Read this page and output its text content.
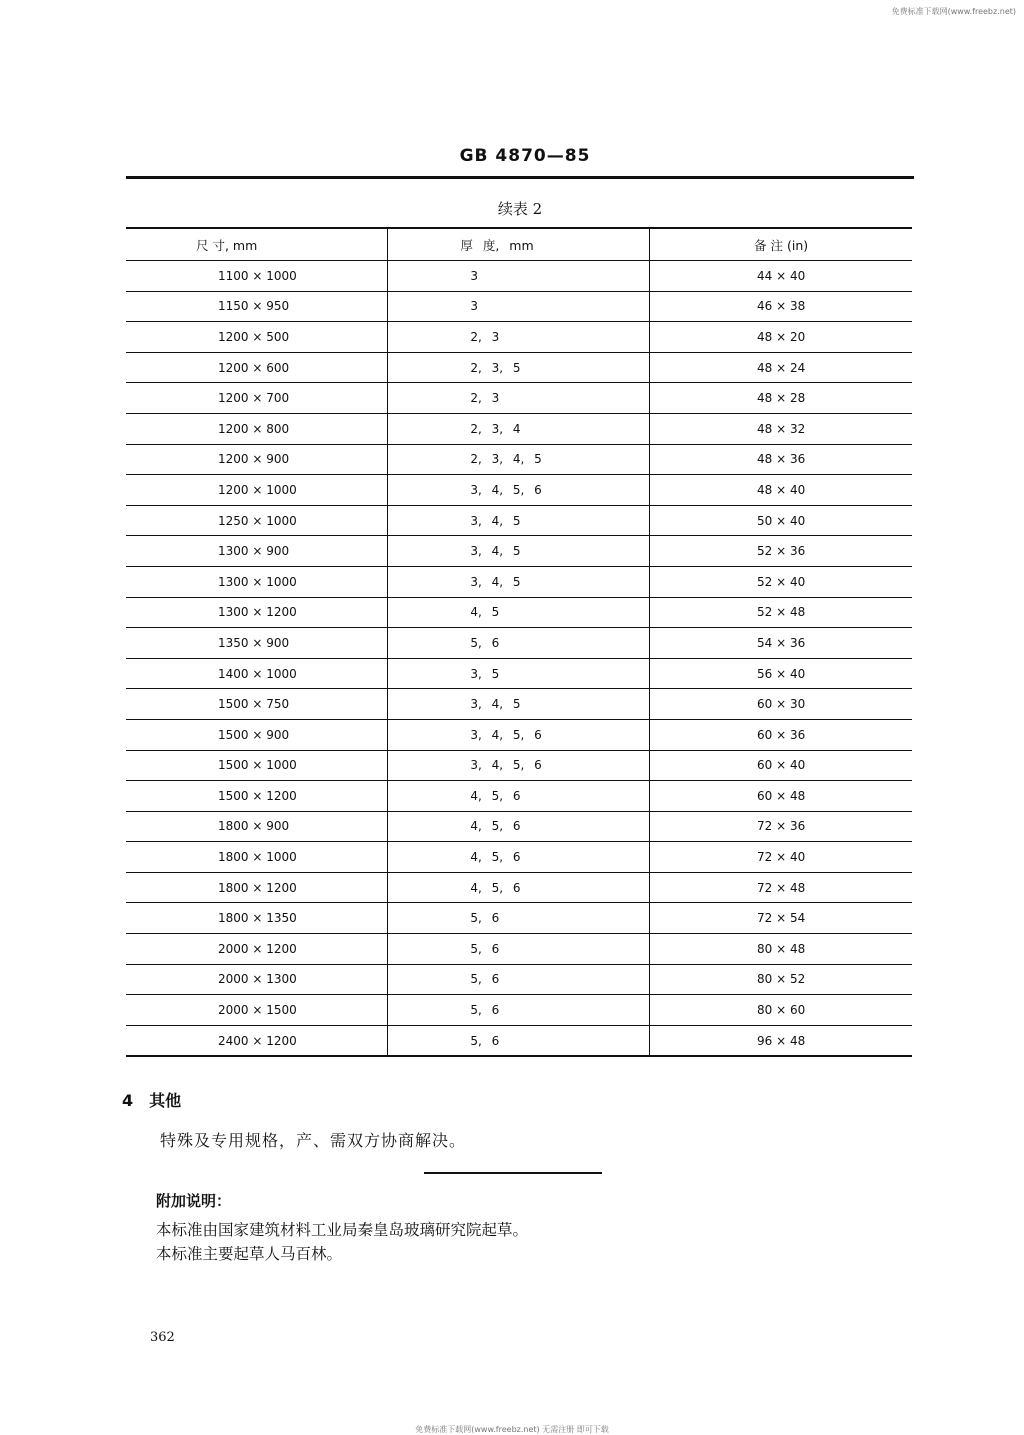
免费标准下载网(www.freebz.net)
GB 4870—85
续表 2
尺 寸, mm	厚 度, mm	备 注 (in)
1100 × 1000	3	44 × 40
1150 × 950	3	46 × 38
1200 × 500	2, 3	48 × 20
1200 × 600	2, 3, 5	48 × 24
1200 × 700	2, 3	48 × 28
1200 × 800	2, 3, 4	48 × 32
1200 × 900	2, 3, 4, 5	48 × 36
1200 × 1000	3, 4, 5, 6	48 × 40
1250 × 1000	3, 4, 5	50 × 40
1300 × 900	3, 4, 5	52 × 36
1300 × 1000	3, 4, 5	52 × 40
1300 × 1200	4, 5	52 × 48
1350 × 900	5, 6	54 × 36
1400 × 1000	3, 5	56 × 40
1500 × 750	3, 4, 5	60 × 30
1500 × 900	3, 4, 5, 6	60 × 36
1500 × 1000	3, 4, 5, 6	60 × 40
1500 × 1200	4, 5, 6	60 × 48
1800 × 900	4, 5, 6	72 × 36
1800 × 1000	4, 5, 6	72 × 40
1800 × 1200	4, 5, 6	72 × 48
1800 × 1350	5, 6	72 × 54
2000 × 1200	5, 6	80 × 48
2000 × 1300	5, 6	80 × 52
2000 × 1500	5, 6	80 × 60
2400 × 1200	5, 6	96 × 48
4 其他
特殊及专用规格，产、需双方协商解决。
附加说明：
本标准由国家建筑材料工业局秦皇岛玻璃研究院起草。
本标准主要起草人马百林。
362
免费标准下载网(www.freebz.net) 无需注册 即可下载
